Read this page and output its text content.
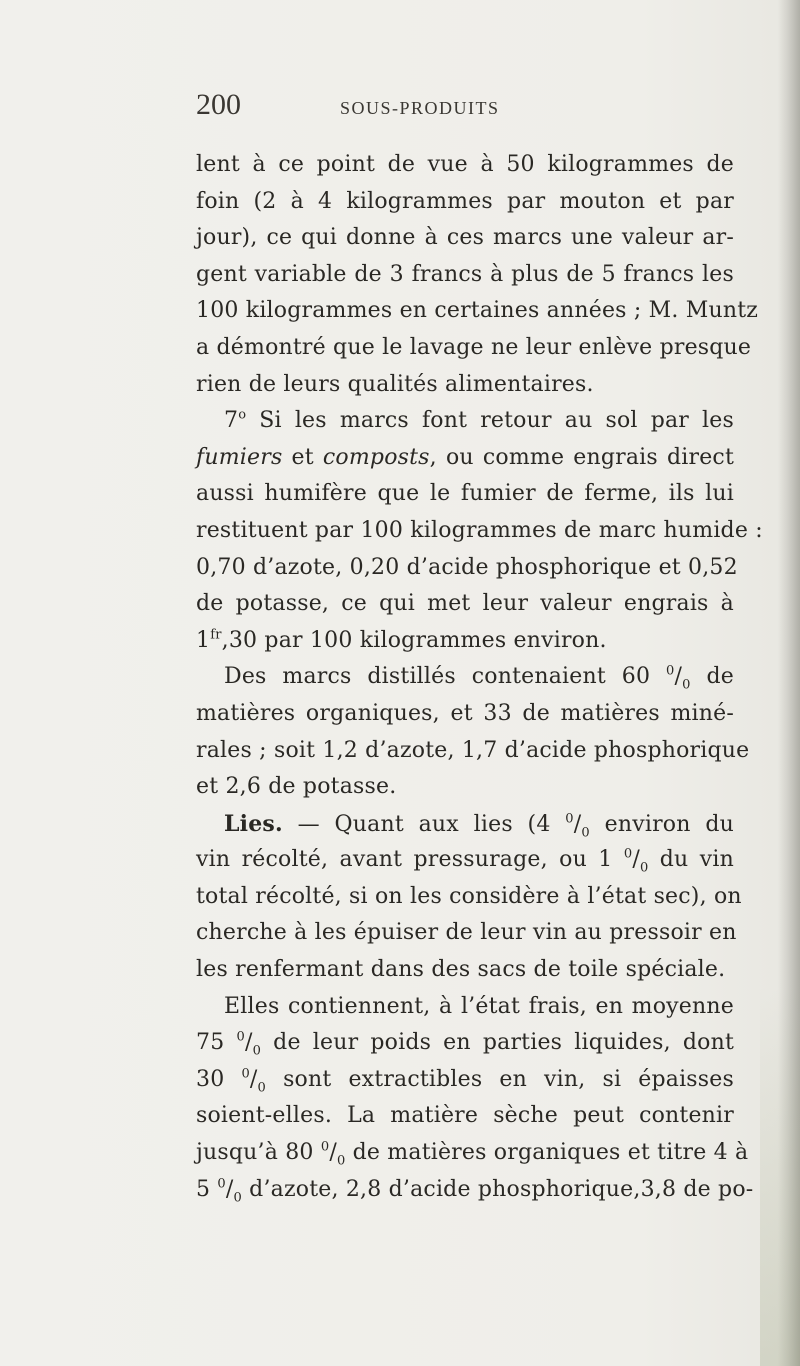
200	SOUS-PRODUITS
lent à ce point de vue à 50 kilogrammes de
foin (2 à 4 kilogrammes par mouton et par
jour), ce qui donne à ces marcs une valeur ar-
gent variable de 3 francs à plus de 5 francs les
100 kilogrammes en certaines années ; M. Muntz
a démontré que le lavage ne leur enlève presque
rien de leurs qualités alimentaires.
7$^o$ Si les marcs font retour au sol par les
fumiers et composts, ou comme engrais direct
aussi humifère que le fumier de ferme, ils lui
restituent par 100 kilogrammes de marc humide :
0,70 d’azote, 0,20 d’acide phosphorique et 0,52
de potasse, ce qui met leur valeur engrais à
$1^{fr},30$ par 100 kilogrammes environ.
Des marcs distillés contenaient 60 $^0/_0$ de
matières organiques, et 33 de matières miné-
rales ; soit 1,2 d’azote, 1,7 d’acide phosphorique
et 2,6 de potasse.
Lies. — Quant aux lies (4 $^0/_0$ environ du
vin récolté, avant pressurage, ou 1 $^0/_0$ du vin
total récolté, si on les considère à l’état sec), on
cherche à les épuiser de leur vin au pressoir en
les renfermant dans des sacs de toile spéciale.
Elles contiennent, à l’état frais, en moyenne
75 $^0/_0$ de leur poids en parties liquides, dont
30 $^0/_0$ sont extractibles en vin, si épaisses
soient-elles. La matière sèche peut contenir
jusqu’à 80 $^0/_0$ de matières organiques et titre 4 à
5 $^0/_0$ d’azote, 2,8 d’acide phosphorique,3,8 de po-
